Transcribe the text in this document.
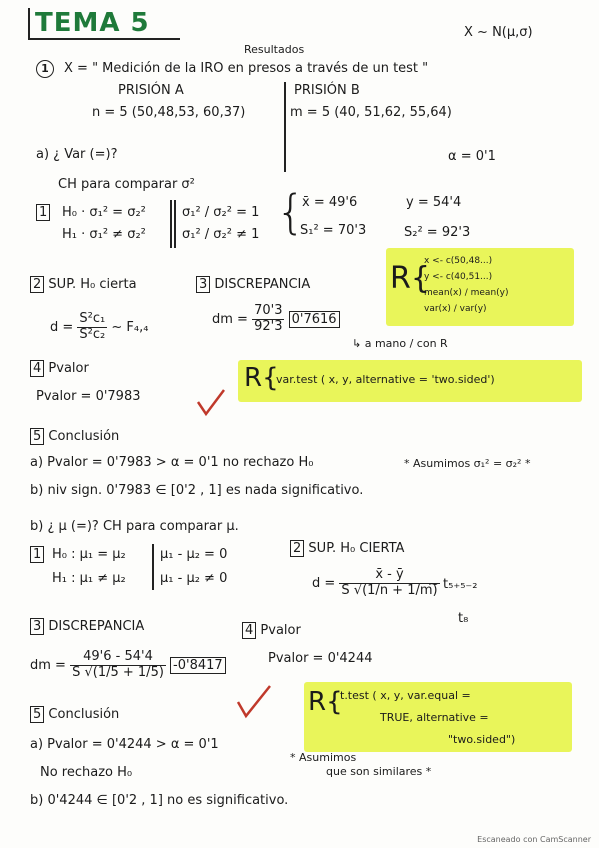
TEMA 5	X ~ N(μ,σ)
Resultados
1	X = " Medición de la IRO en presos a través de un test "
PRISIÓN A	PRISIÓN B
n = 5 (50,48,53, 60,37)	m = 5 (40, 51,62, 55,64)
a) ¿ Var (=)?	α = 0'1
CH para comparar σ²
1 H₀ · σ₁² = σ₂²
H₁ · σ₁² ≠ σ₂²
σ₁² / σ₂² = 1
σ₁² / σ₂² ≠ 1 {
x̄ = 49'6	y = 54'4
S₁² = 70'3	S₂² = 92'3
2 SUP. H₀ cierta	3 DISCREPANCIA	R{
x <- c(50,48...)
y <- c(40,51...)
mean(x) / mean(y)
var(x) / var(y)
$d = \frac{\text{S²c₁}}{\text{S²c₂}}$ ~ F₄,₄
dm = $\frac{70'3}{92'3} 0'7616$
↳ a mano / con R
4 Pvalor
Pvalor = 0'7983
R{
var.test ( x, y, alternative = 'two.sided')
5 Conclusión
a) Pvalor = 0'7983 > α = 0'1 no rechazo H₀	* Asumimos σ₁² = σ₂² *
b) niv sign. 0'7983 ∈ [0'2 , 1] es nada significativo.
b) ¿ μ (=)? CH para comparar μ.
1 H₀ : μ₁ = μ₂
H₁ : μ₁ ≠ μ₂
μ₁ - μ₂ = 0
μ₁ - μ₂ ≠ 0
2 SUP. H₀ CIERTA
$d = \frac{x̄ - ȳ}{S √(1/n + 1/m)}$
~ t₅₊₅₋₂
t₈
3 DISCREPANCIA	4 Pvalor
dm = $\frac{49'6 - 54'4}{S √(1/5 + 1/5)} -0'8417$	Pvalor = 0'4244
R{
t.test ( x, y, var.equal =
TRUE, alternative =
"two.sided")
5 Conclusión
a) Pvalor = 0'4244 > α = 0'1
No rechazo H₀
* Asumimos
que son similares *
b) 0'4244 ∈ [0'2 , 1] no es significativo.
Escaneado con CamScanner
